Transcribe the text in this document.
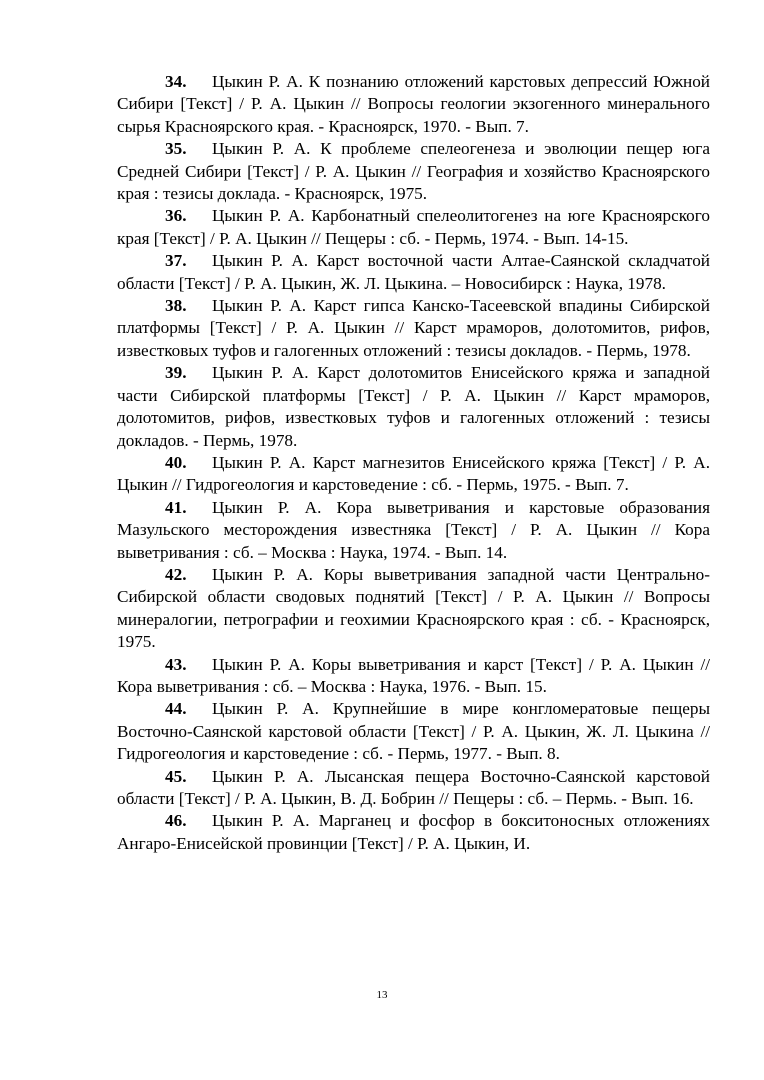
34. Цыкин Р. А. К познанию отложений карстовых депрессий Южной Сибири [Текст] / Р. А. Цыкин // Вопросы геологии экзогенного минерального сырья Красноярского края. - Красноярск, 1970. - Вып. 7.

35. Цыкин Р. А. К проблеме спелеогенеза и эволюции пещер юга Средней Сибири [Текст] / Р. А. Цыкин // География и хозяйство Красноярского края : тезисы доклада. - Красноярск, 1975.

36. Цыкин Р. А. Карбонатный спелеолитогенез на юге Красноярского края [Текст] / Р. А. Цыкин // Пещеры : сб. - Пермь, 1974. - Вып. 14-15.

37. Цыкин Р. А. Карст восточной части Алтае-Саянской складчатой области [Текст] / Р. А. Цыкин, Ж. Л. Цыкина. – Новосибирск : Наука, 1978.

38. Цыкин Р. А. Карст гипса Канско-Тасеевской впадины Сибирской платформы [Текст] / Р. А. Цыкин // Карст мраморов, долотомитов, рифов, известковых туфов и галогенных отложений : тезисы докладов. - Пермь, 1978.

39. Цыкин Р. А. Карст долотомитов Енисейского кряжа и западной части Сибирской платформы [Текст] / Р. А. Цыкин // Карст мраморов, долотомитов, рифов, известковых туфов и галогенных отложений : тезисы докладов. - Пермь, 1978.

40. Цыкин Р. А. Карст магнезитов Енисейского кряжа [Текст] / Р. А. Цыкин // Гидрогеология и карстоведение : сб. - Пермь, 1975. - Вып. 7.

41. Цыкин Р. А. Кора выветривания и карстовые образования Мазульского месторождения известняка [Текст] / Р. А. Цыкин // Кора выветривания : сб. – Москва : Наука, 1974. - Вып. 14.

42. Цыкин Р. А. Коры выветривания западной части Центрально-Сибирской области сводовых поднятий [Текст] / Р. А. Цыкин // Вопросы минералогии, петрографии и геохимии Красноярского края : сб. - Красноярск, 1975.

43. Цыкин Р. А. Коры выветривания и карст [Текст] / Р. А. Цыкин // Кора выветривания : сб. – Москва : Наука, 1976. - Вып. 15.

44. Цыкин Р. А. Крупнейшие в мире конгломератовые пещеры Восточно-Саянской карстовой области [Текст] / Р. А. Цыкин, Ж. Л. Цыкина // Гидрогеология и карстоведение : сб. - Пермь, 1977. - Вып. 8.

45. Цыкин Р. А. Лысанская пещера Восточно-Саянской карстовой области [Текст] / Р. А. Цыкин, В. Д. Бобрин // Пещеры : сб. – Пермь. - Вып. 16.

46. Цыкин Р. А. Марганец и фосфор в бокситоносных отложениях Ангаро-Енисейской провинции [Текст] / Р. А. Цыкин, И.

13
